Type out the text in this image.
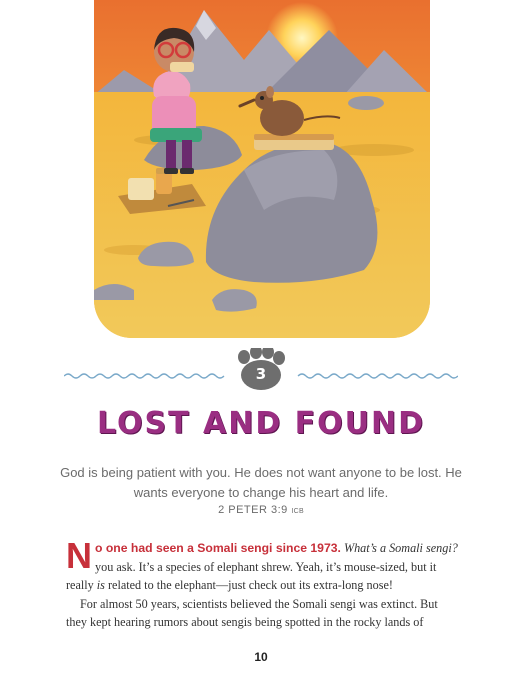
3
LOST AND FOUND
God is being patient with you. He does not want anyone to be lost. He wants everyone to change his heart and life.
2 PETER 3:9 ICB

No one had seen a Somali sengi since 1973. What’s a Somali sengi? you ask. It’s a species of elephant shrew. Yeah, it’s mouse-sized, but it really is related to the elephant—just check out its extra-long nose!

For almost 50 years, scientists believed the Somali sengi was extinct. But they kept hearing rumors about sengis being spotted in the rocky lands of

10
